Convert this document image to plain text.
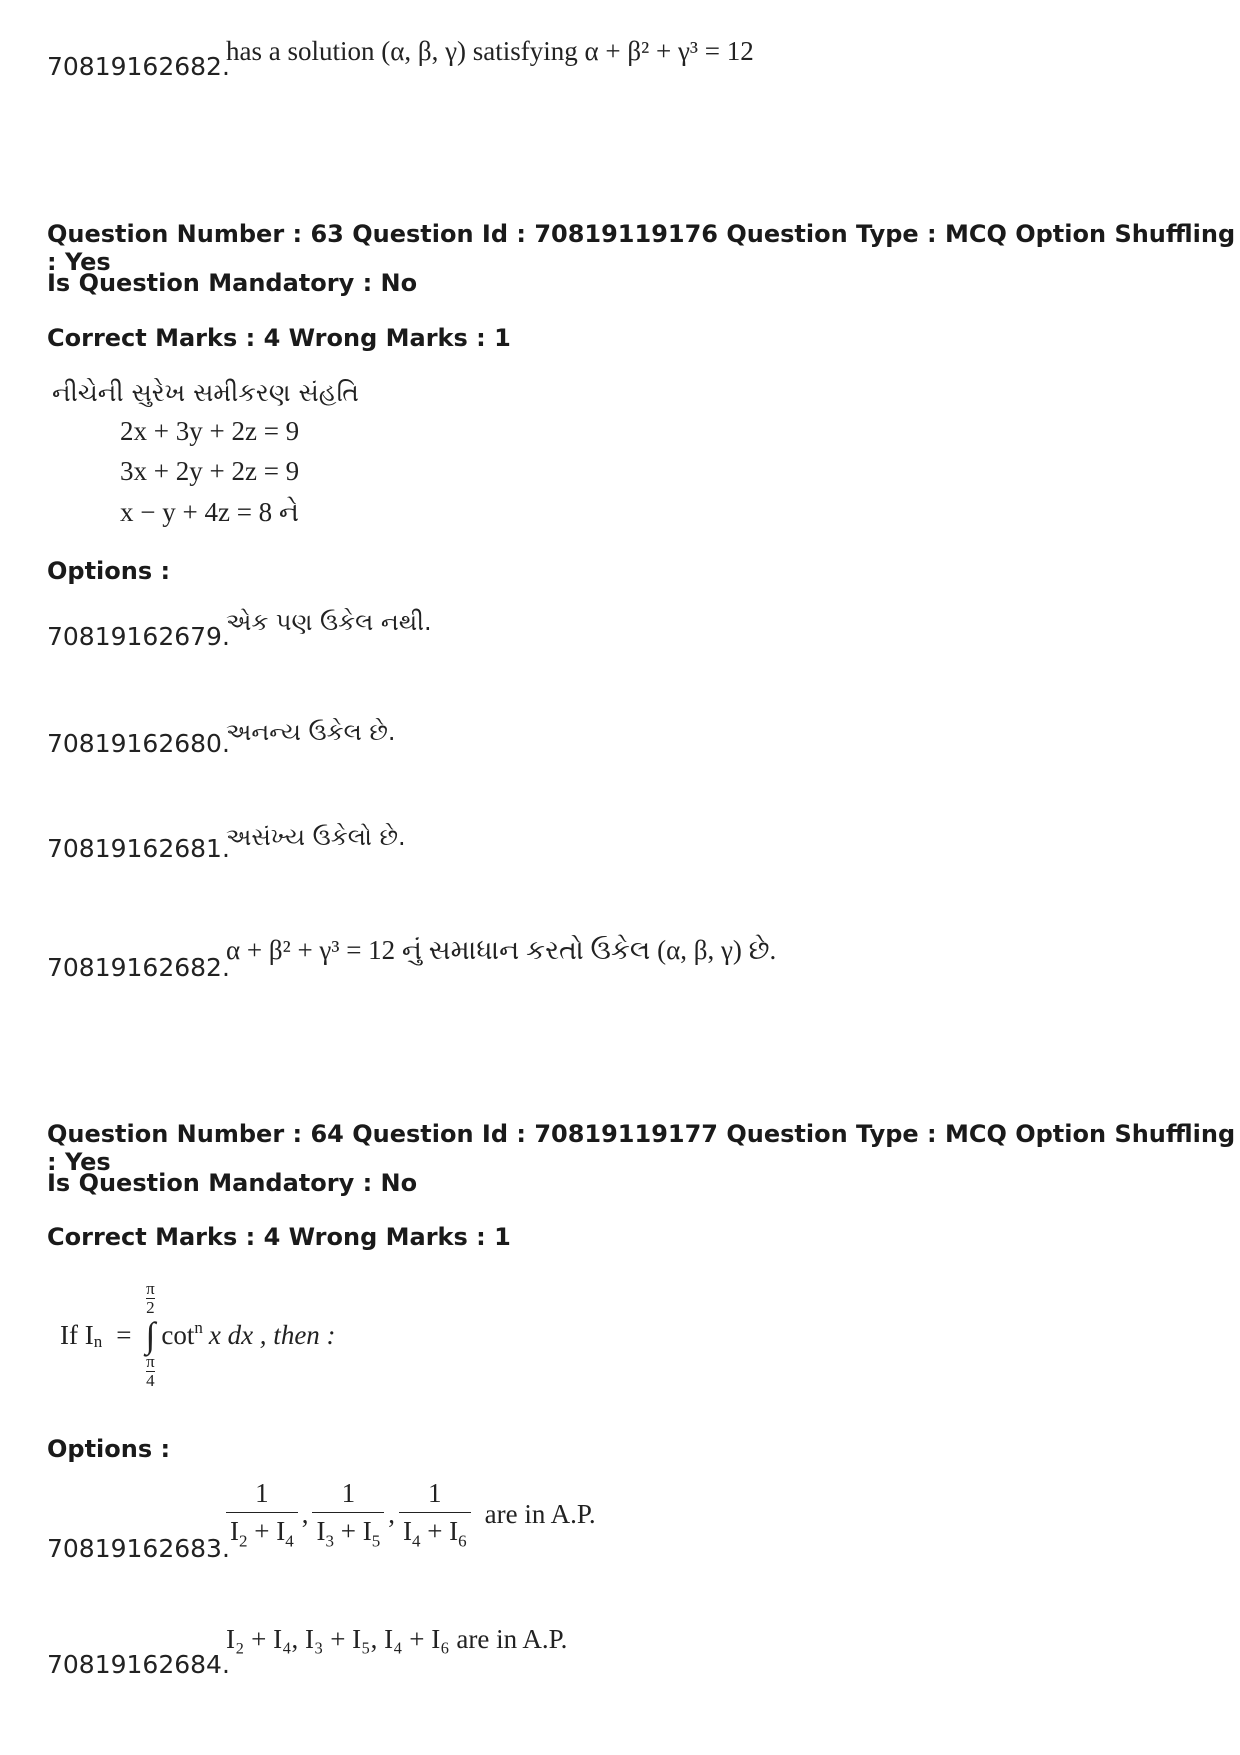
70819162682.
has a solution (α, β, γ) satisfying α + β² + γ³ = 12
Question Number : 63 Question Id : 70819119176 Question Type : MCQ Option Shuffling : Yes
Is Question Mandatory : No
Correct Marks : 4 Wrong Marks : 1
નીચેની સુરેખ સમીકરણ સંહતિ
2x + 3y + 2z = 9
3x + 2y + 2z = 9
x − y + 4z = 8 ને
Options :
70819162679.
એક પણ ઉકેલ નથી.
70819162680.
અનન્ય ઉકેલ છે.
70819162681.
અસંખ્ય ઉકેલો છે.
70819162682.
α + β² + γ³ = 12 નું સમાધાન કરતો ઉકેલ (α, β, γ) છે.
Question Number : 64 Question Id : 70819119177 Question Type : MCQ Option Shuffling : Yes
Is Question Mandatory : No
Correct Marks : 4 Wrong Marks : 1
If $I_n$ =
$\frac{\pi}{2}$
∫
$\frac{\pi}{4}$
$\cot^n x$ dx , then :
Options :
70819162683.
$\frac{1}{I_2 + I_4}$ , $\frac{1}{I_3 + I_5}$ , $\frac{1}{I_4 + I_6}$ are in A.P.
70819162684.
I₂ + I₄, I₃ + I₅, I₄ + I₆ are in A.P.
